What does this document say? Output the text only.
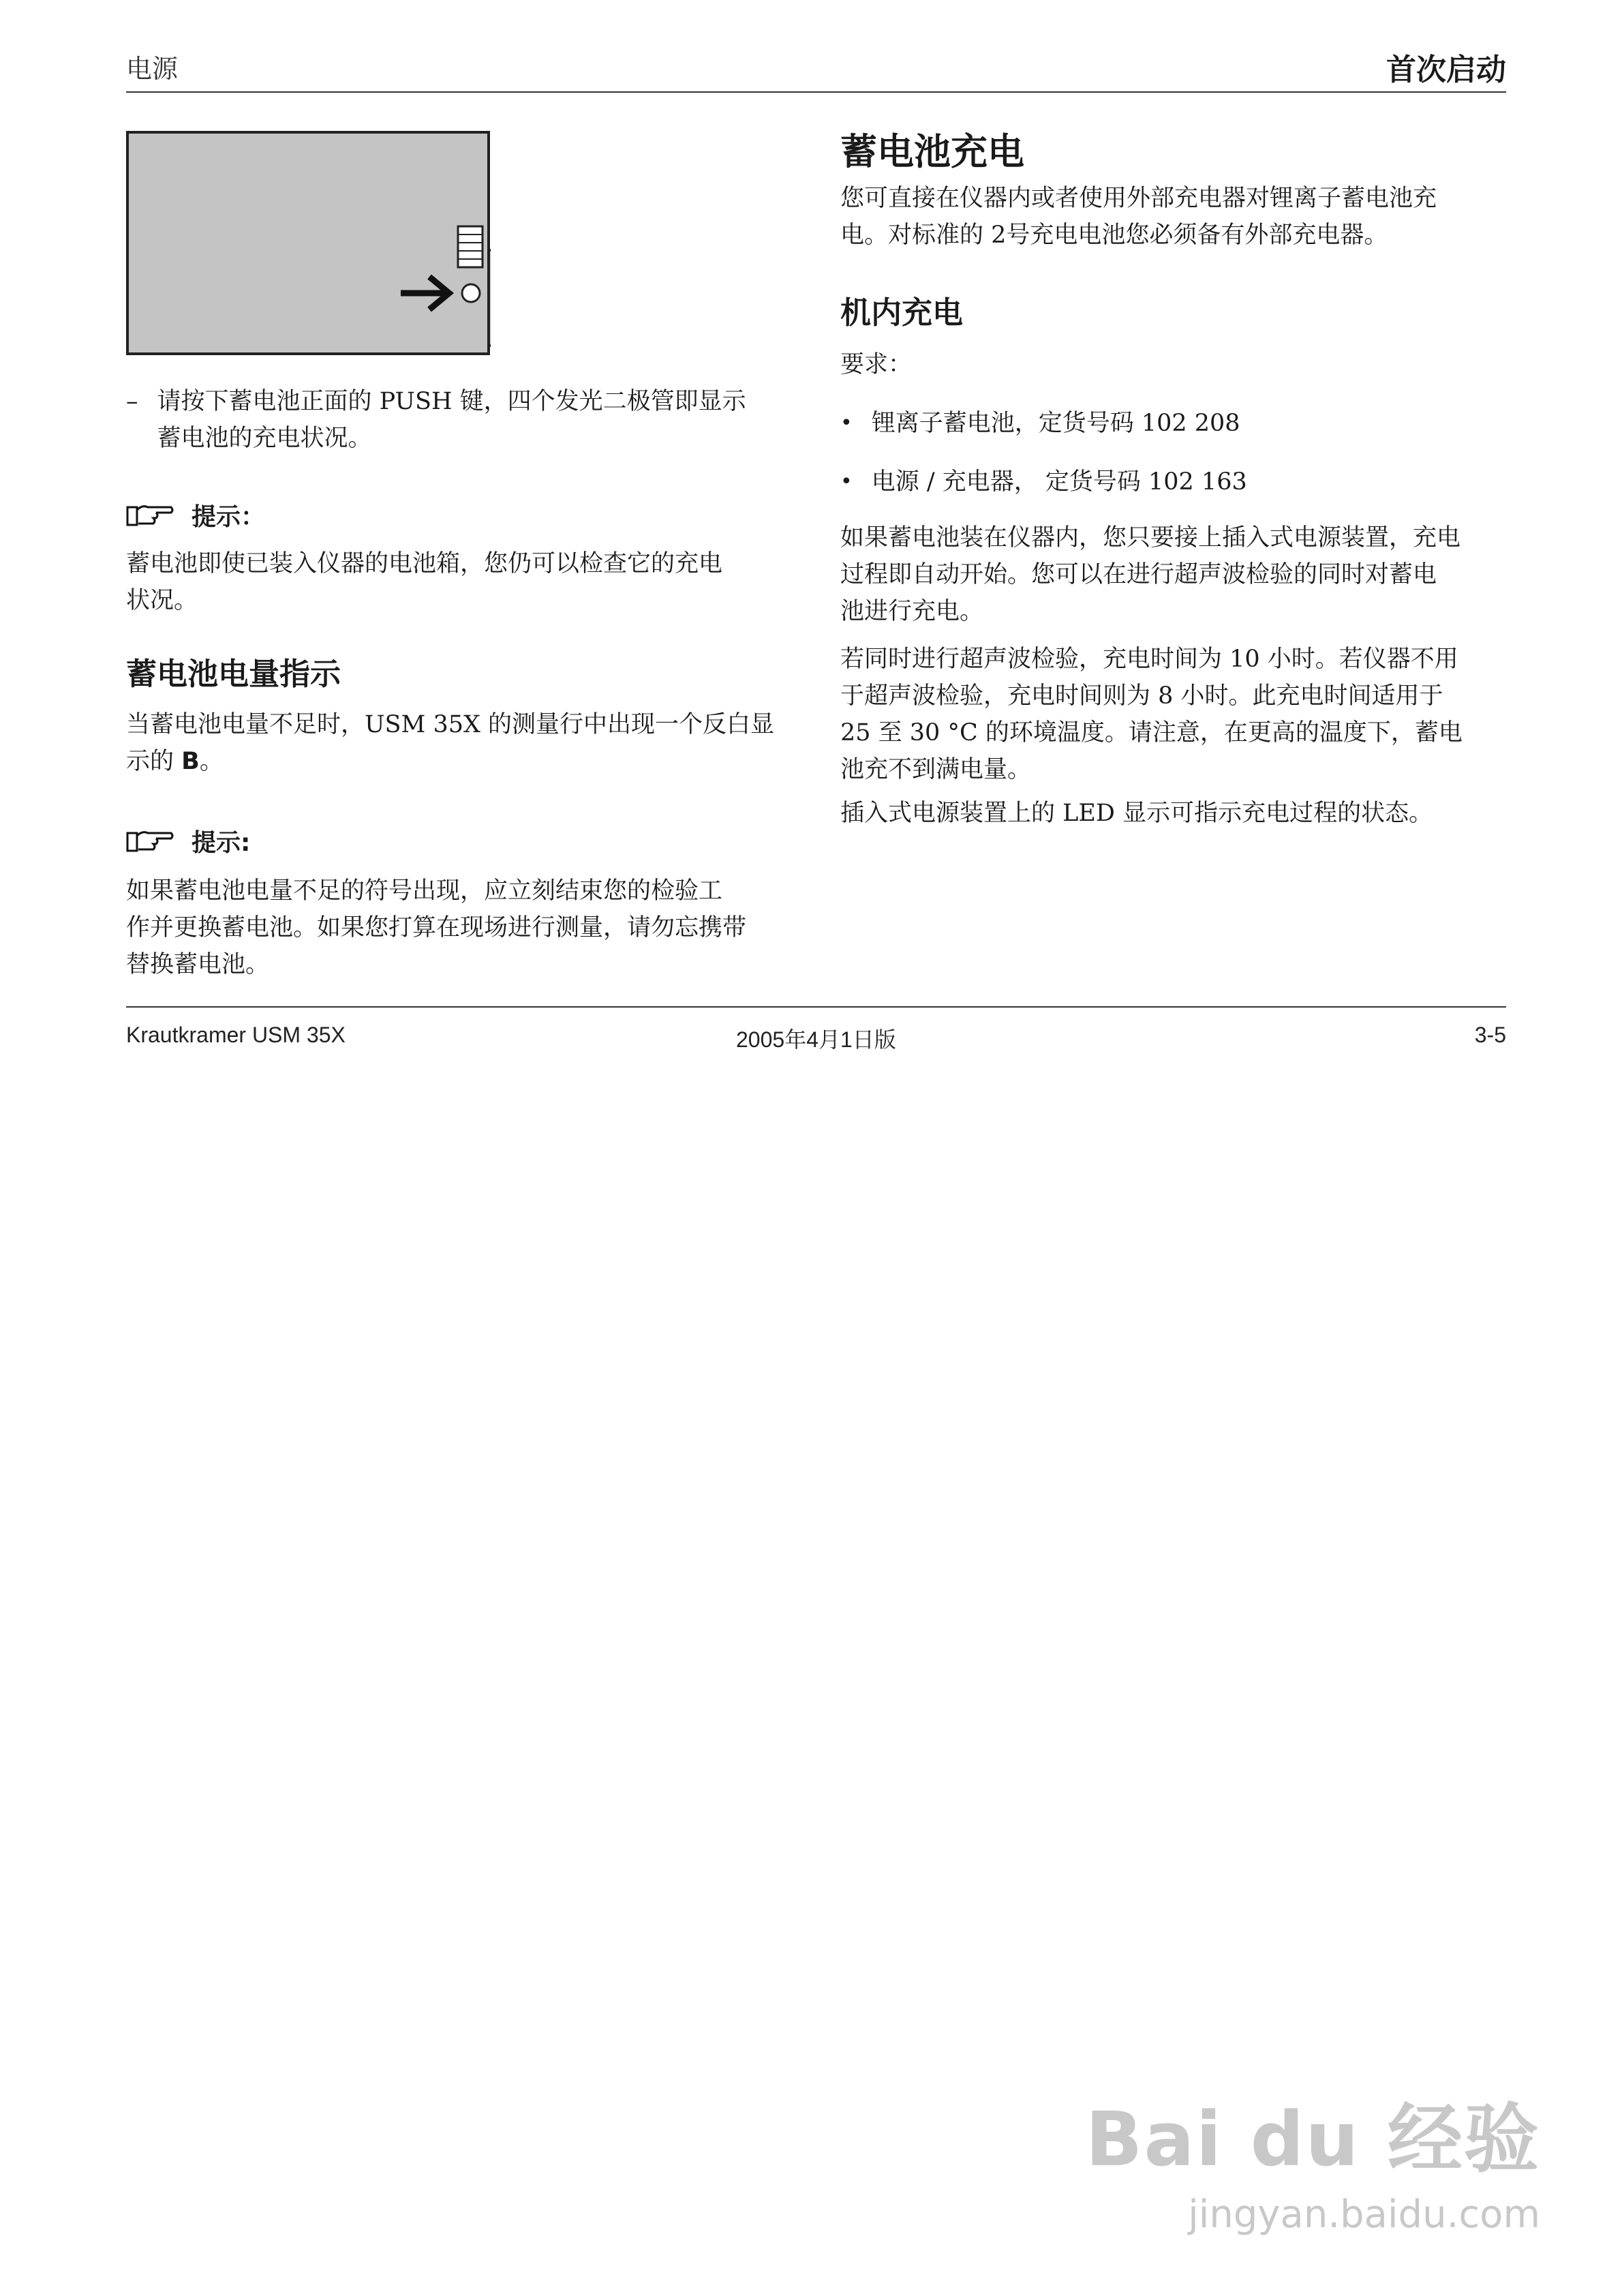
电源	首次启动
– 请按下蓄电池正面的 PUSH 键，四个发光二极管即显示
蓄电池的充电状况。
提示：
蓄电池即使已装入仪器的电池箱，您仍可以检查它的充电
状况。
蓄电池电量指示
当蓄电池电量不足时，USM 35X 的测量行中出现一个反白显
示的 B。
提示:
如果蓄电池电量不足的符号出现，应立刻结束您的检验工
作并更换蓄电池。如果您打算在现场进行测量，请勿忘携带
替换蓄电池。
蓄电池充电
您可直接在仪器内或者使用外部充电器对锂离子蓄电池充
电。对标准的 2号充电电池您必须备有外部充电器。
机内充电
要求：
• 锂离子蓄电池，定货号码 102 208
• 电源 / 充电器， 定货号码 102 163
如果蓄电池装在仪器内，您只要接上插入式电源装置，充电
过程即自动开始。您可以在进行超声波检验的同时对蓄电
池进行充电。
若同时进行超声波检验，充电时间为 10 小时。若仪器不用
于超声波检验，充电时间则为 8 小时。此充电时间适用于
25 至 30 °C 的环境温度。请注意，在更高的温度下，蓄电
池充不到满电量。
插入式电源装置上的 LED 显示可指示充电过程的状态。
Krautkramer USM 35X	2005年4月1日版	3-5
Bai du 经验
jingyan.baidu.com
